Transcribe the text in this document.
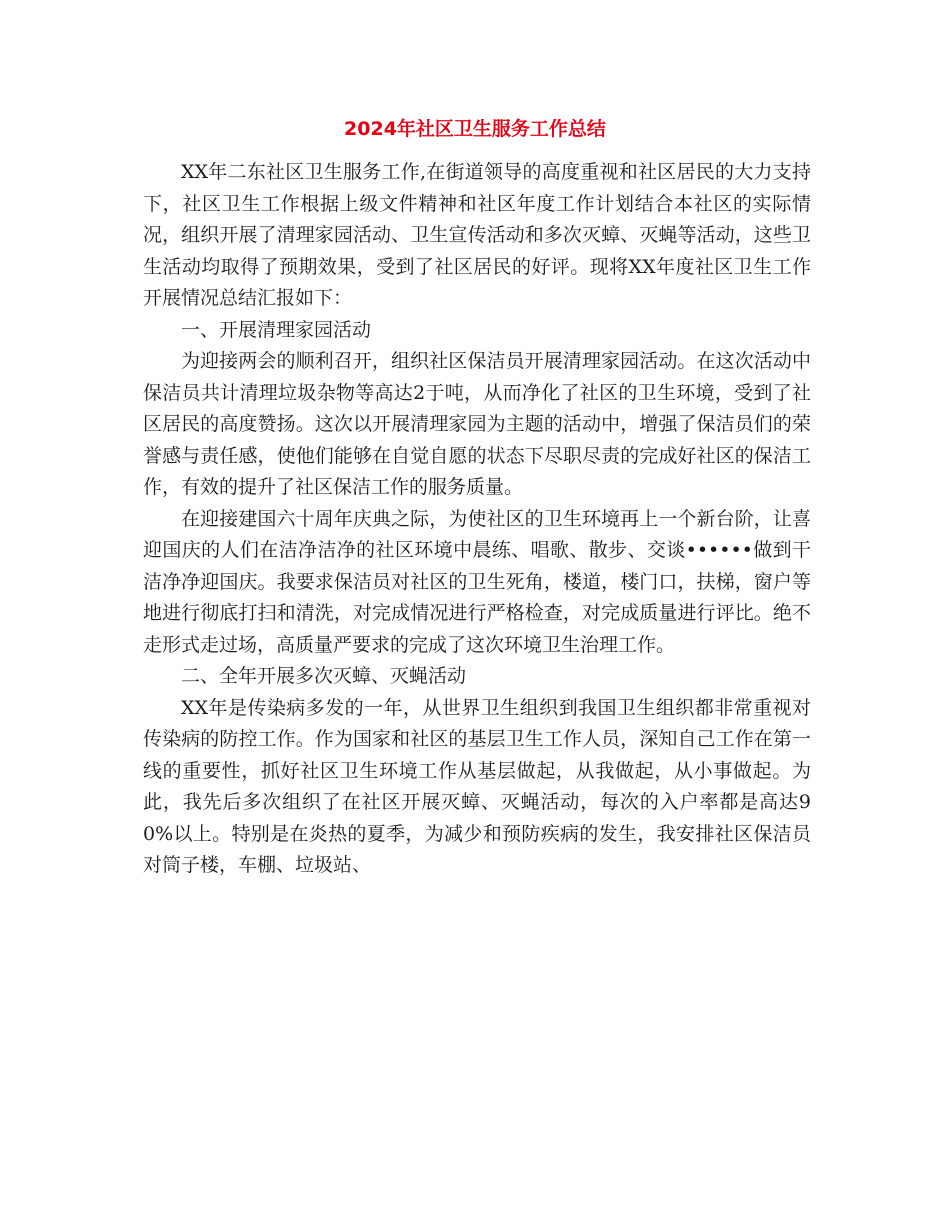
2024年社区卫生服务工作总结

XX年二东社区卫生服务工作,在街道领导的高度重视和社区居民的大力支持下，社区卫生工作根据上级文件精神和社区年度工作计划结合本社区的实际情况，组织开展了清理家园活动、卫生宣传活动和多次灭蟑、灭蝇等活动，这些卫生活动均取得了预期效果，受到了社区居民的好评。现将XX年度社区卫生工作开展情况总结汇报如下：

一、开展清理家园活动

为迎接两会的顺利召开，组织社区保洁员开展清理家园活动。在这次活动中保洁员共计清理垃圾杂物等高达2于吨，从而净化了社区的卫生环境，受到了社区居民的高度赞扬。这次以开展清理家园为主题的活动中，增强了保洁员们的荣誉感与责任感，使他们能够在自觉自愿的状态下尽职尽责的完成好社区的保洁工作，有效的提升了社区保洁工作的服务质量。

在迎接建国六十周年庆典之际，为使社区的卫生环境再上一个新台阶，让喜迎国庆的人们在洁净洁净的社区环境中晨练、唱歌、散步、交谈••••••做到干洁净净迎国庆。我要求保洁员对社区的卫生死角，楼道，楼门口，扶梯，窗户等地进行彻底打扫和清洗，对完成情况进行严格检查，对完成质量进行评比。绝不走形式走过场，高质量严要求的完成了这次环境卫生治理工作。

二、全年开展多次灭蟑、灭蝇活动

XX年是传染病多发的一年，从世界卫生组织到我国卫生组织都非常重视对传染病的防控工作。作为国家和社区的基层卫生工作人员，深知自己工作在第一线的重要性，抓好社区卫生环境工作从基层做起，从我做起，从小事做起。为此，我先后多次组织了在社区开展灭蟑、灭蝇活动，每次的入户率都是高达90%以上。特别是在炎热的夏季，为减少和预防疾病的发生，我安排社区保洁员对筒子楼，车棚、垃圾站、
